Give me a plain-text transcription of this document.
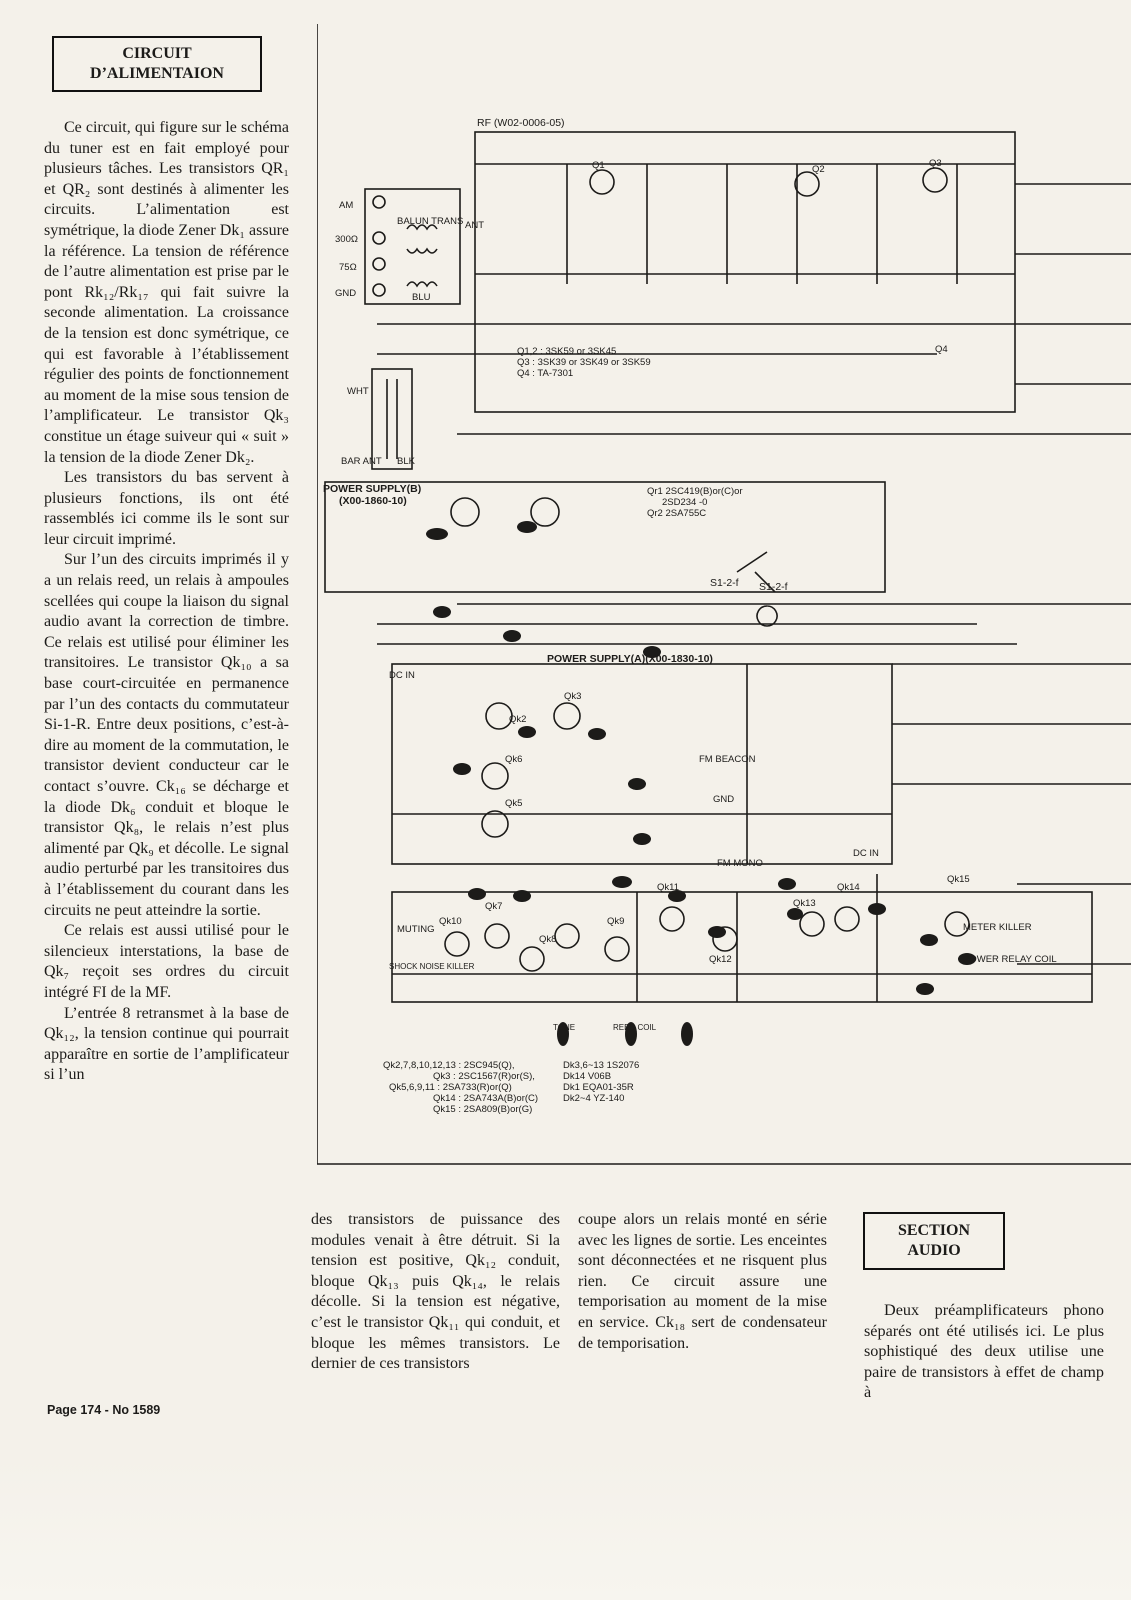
CIRCUIT
D’ALIMENTAION

Ce circuit, qui figure sur le schéma du tuner est en fait employé pour plusieurs tâches. Les transistors QR₁ et QR₂ sont destinés à alimenter les circuits. L’alimentation est symétrique, la diode Zener Dk₁ assure la référence. La tension de référence de l’autre alimentation est prise par le pont Rk₁₂/Rk₁₇ qui fait suivre la seconde alimentation. La croissance de la tension est donc symétrique, ce qui est favorable à l’établissement régulier des points de fonctionnement au moment de la mise sous tension de l’amplificateur. Le transistor Qk₃ constitue un étage suiveur qui « suit » la tension de la diode Zener Dk₂.

Les transistors du bas servent à plusieurs fonctions, ils ont été rassemblés ici comme ils le sont sur leur circuit imprimé.

Sur l’un des circuits imprimés il y a un relais reed, un relais à ampoules scellées qui coupe la liaison du signal audio avant la correction de timbre. Ce relais est utilisé pour éliminer les transitoires. Le transistor Qk₁₀ a sa base court-circuitée en permanence par l’un des contacts du commutateur Si-1-R. Entre deux positions, c’est-à-dire au moment de la commutation, le transistor devient conducteur car le contact s’ouvre. Ck₁₆ se décharge et la diode Dk₆ conduit et bloque le transistor Qk₈, le relais n’est plus alimenté par Qk₉ et décolle. Le signal audio perturbé par les transitoires dus à l’établissement du courant dans les circuits ne peut atteindre la sortie.

Ce relais est aussi utilisé pour le silencieux interstations, la base de Qk₇ reçoit ses ordres du circuit intégré FI de la MF.

L’entrée 8 retransmet à la base de Qk₁₂, la tension continue qui pourrait apparaître en sortie de l’amplificateur si l’un

RF (W02-0006-05)
Q1	Q2
Q3
Q4
Q1,2 : 3SK59 or 3SK45
Q3 : 3SK39 or 3SK49 or 3SK59
Q4 : TA-7301
AM
300Ω
75Ω
GND
BALUN TRANS ANT
BLU
WHT
BAR ANT BLK
POWER SUPPLY(B)
(X00-1860-10)
Qr1 2SC419(B)or(C)or
2SD234 -0
Qr2 2SA755C
S1-2-f S1-2-f
POWER SUPPLY(A)(X00-1830-10)
Qk3
Qk2
Qk5
Qk6
Qk7
Qk8
Qk9
Qk10
Qk11
Qk12
Qk13
Qk14
Qk15
DC IN
FM BEACON
GND
FM MONO
MUTING
SHOCK NOISE KILLER
METER KILLER
POWER RELAY COIL
TONE	REED COIL
DC IN
Qk2,7,8,10,12,13 : 2SC945(Q),
Qk3 : 2SC1567(R)or(S),
Qk5,6,9,11 : 2SA733(R)or(Q)
Qk14 : 2SA743A(B)or(C)
Qk15 : 2SA809(B)or(G)
Dk3,6~13 1S2076
Dk14 V06B
Dk1 EQA01-35R
Dk2~4 YZ-140

des transistors de puissance des modules venait à être détruit. Si la tension est positive, Qk₁₂ conduit, bloque Qk₁₃ puis Qk₁₄, le relais décolle. Si la tension est négative, c’est le transistor Qk₁₁ qui conduit, et bloque les mêmes transistors. Le dernier de ces transistors

coupe alors un relais monté en série avec les lignes de sortie. Les enceintes sont déconnectées et ne risquent plus rien. Ce circuit assure une temporisation au moment de la mise en service. Ck₁₈ sert de condensateur de temporisation.

SECTION
AUDIO

Deux préamplificateurs phono séparés ont été utilisés ici. Le plus sophistiqué des deux utilise une paire de transistors à effet de champ à

Page 174 - No 1589
